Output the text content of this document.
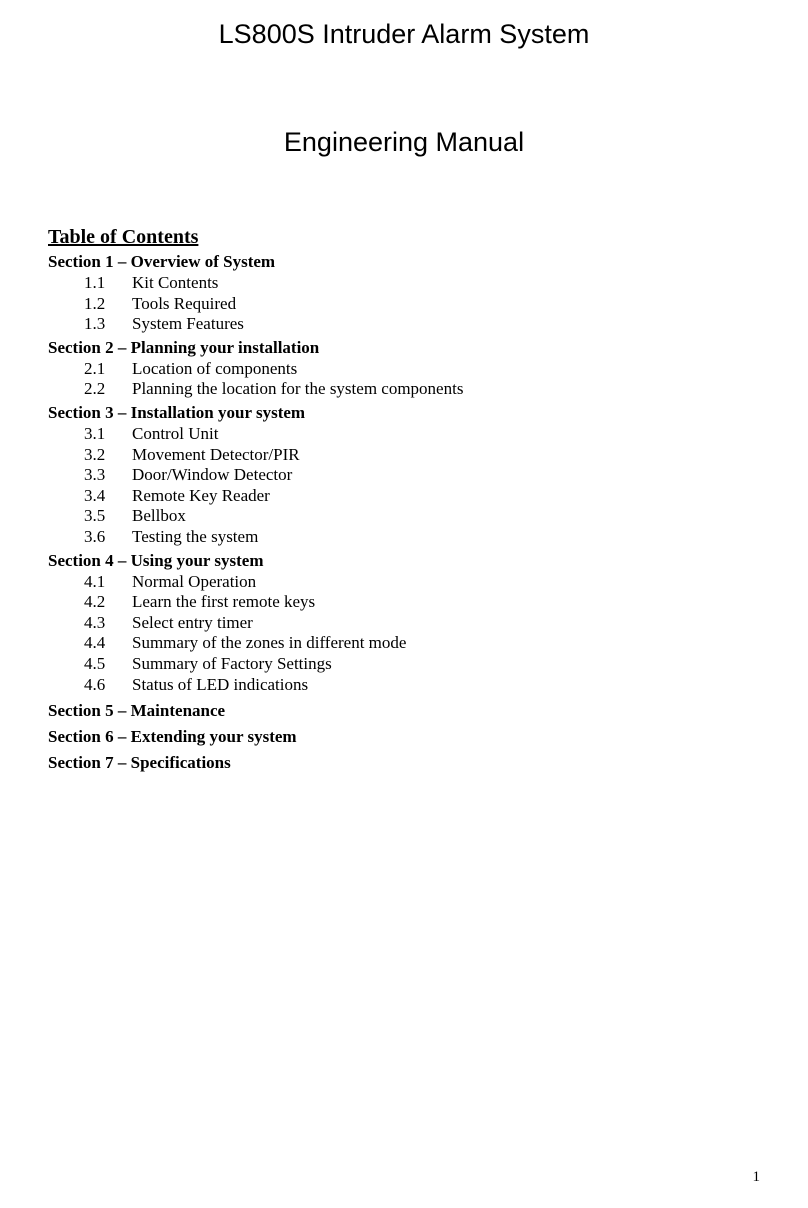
LS800S Intruder Alarm System
Engineering Manual
Table of Contents
Section 1 – Overview of System
1.1	Kit Contents
1.2	Tools Required
1.3	System Features
Section 2 – Planning your installation
2.1	Location of components
2.2	Planning the location for the system components
Section 3 – Installation your system
3.1	Control Unit
3.2	Movement Detector/PIR
3.3	Door/Window Detector
3.4	Remote Key Reader
3.5	Bellbox
3.6	Testing the system
Section 4 – Using your system
4.1	Normal Operation
4.2	Learn the first remote keys
4.3	Select entry timer
4.4	Summary of the zones in different mode
4.5	Summary of Factory Settings
4.6	Status of LED indications
Section 5 – Maintenance
Section 6 – Extending your system
Section 7 – Specifications
1
